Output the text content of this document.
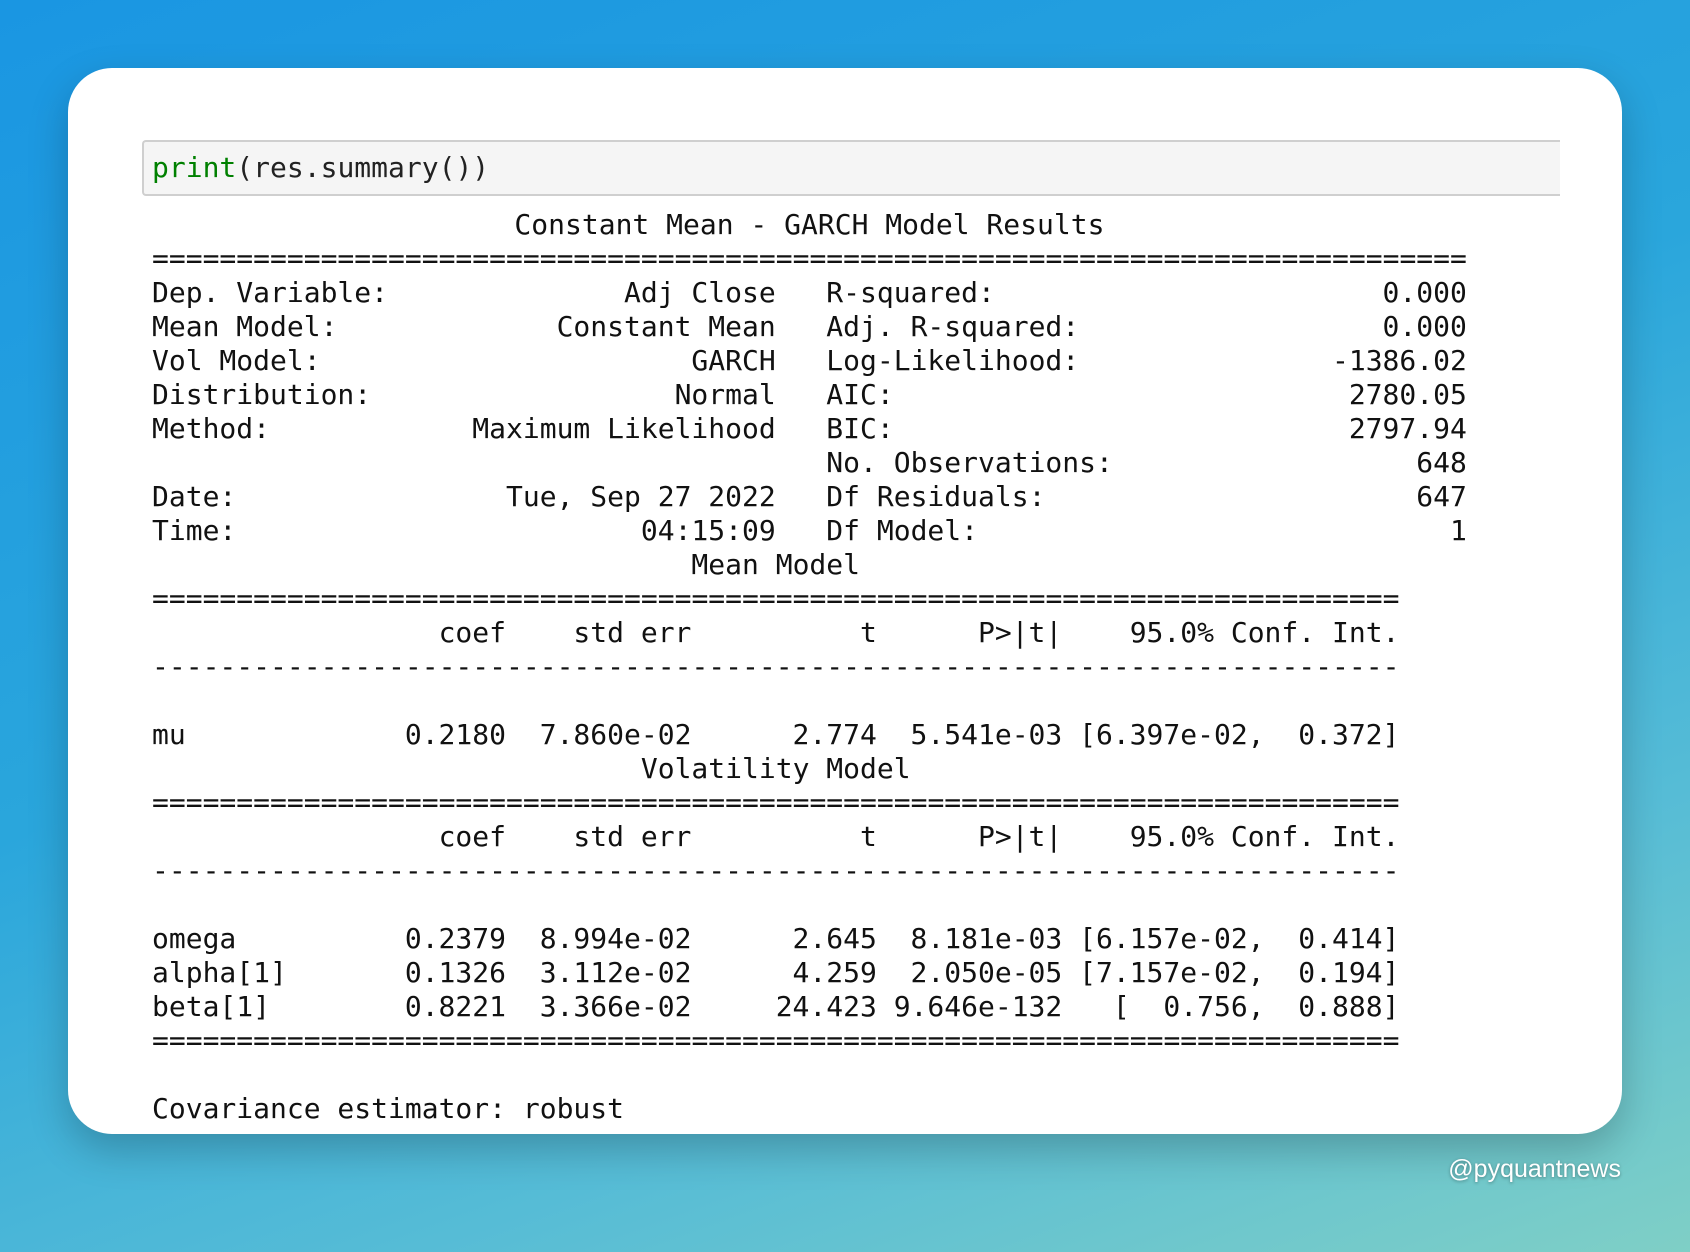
print(res.summary())
Constant Mean - GARCH Model Results
==============================================================================
Dep. Variable:	Adj Close R-squared:	0.000
Mean Model:	Constant Mean Adj. R-squared:	0.000
Vol Model:	GARCH Log-Likelihood:	-1386.02
Distribution:	Normal AIC:	2780.05
Method:	Maximum Likelihood BIC:	2797.94
No. Observations:	648
Date:	Tue, Sep 27 2022 Df Residuals:	647
Time:	04:15:09 Df Model:	1
Mean Model
==========================================================================
coef std err	t	P>|t| 95.0% Conf. Int.
--------------------------------------------------------------------------
mu	0.2180 7.860e-02	2.774 5.541e-03 [6.397e-02,  0.372]
Volatility Model
==========================================================================
coef std err	t	P>|t| 95.0% Conf. Int.
--------------------------------------------------------------------------
omega	0.2379 8.994e-02	2.645 8.181e-03 [6.157e-02,  0.414]
alpha[1]	0.1326 3.112e-02	4.259 2.050e-05 [7.157e-02,  0.194]
beta[1]	0.8221 3.366e-02	24.423 9.646e-132 [  0.756,  0.888]
==========================================================================
Covariance estimator: robust
@pyquantnews
